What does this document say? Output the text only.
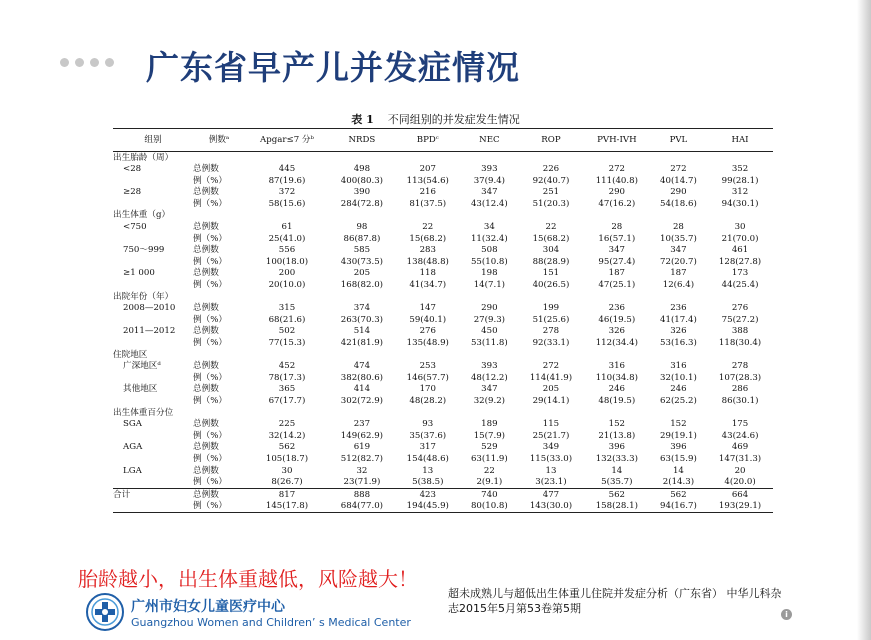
广东省早产儿并发症情况
表 1 不同组别的并发症发生情况
组别	例数ᵃ	Apgar≤7 分ᵇ	NRDS	BPDᶜ	NEC	ROP	PVH-IVH	PVL	HAI
出生胎龄（周）									
<28	总例数	445	498	207	393	226	272	272	352
	例（%）	87(19.6)	400(80.3)	113(54.6)	37(9.4)	92(40.7)	111(40.8)	40(14.7)	99(28.1)
≥28	总例数	372	390	216	347	251	290	290	312
	例（%）	58(15.6)	284(72.8)	81(37.5)	43(12.4)	51(20.3)	47(16.2)	54(18.6)	94(30.1)
出生体重（g）									
<750	总例数	61	98	22	34	22	28	28	30
	例（%）	25(41.0)	86(87.8)	15(68.2)	11(32.4)	15(68.2)	16(57.1)	10(35.7)	21(70.0)
750～999	总例数	556	585	283	508	304	347	347	461
	例（%）	100(18.0)	430(73.5)	138(48.8)	55(10.8)	88(28.9)	95(27.4)	72(20.7)	128(27.8)
≥1 000	总例数	200	205	118	198	151	187	187	173
	例（%）	20(10.0)	168(82.0)	41(34.7)	14(7.1)	40(26.5)	47(25.1)	12(6.4)	44(25.4)
出院年份（年）									
2008—2010	总例数	315	374	147	290	199	236	236	276
	例（%）	68(21.6)	263(70.3)	59(40.1)	27(9.3)	51(25.6)	46(19.5)	41(17.4)	75(27.2)
2011—2012	总例数	502	514	276	450	278	326	326	388
	例（%）	77(15.3)	421(81.9)	135(48.9)	53(11.8)	92(33.1)	112(34.4)	53(16.3)	118(30.4)
住院地区									
广深地区ᵈ	总例数	452	474	253	393	272	316	316	278
	例（%）	78(17.3)	382(80.6)	146(57.7)	48(12.2)	114(41.9)	110(34.8)	32(10.1)	107(28.3)
其他地区	总例数	365	414	170	347	205	246	246	286
	例（%）	67(17.7)	302(72.9)	48(28.2)	32(9.2)	29(14.1)	48(19.5)	62(25.2)	86(30.1)
出生体重百分位									
SGA	总例数	225	237	93	189	115	152	152	175
	例（%）	32(14.2)	149(62.9)	35(37.6)	15(7.9)	25(21.7)	21(13.8)	29(19.1)	43(24.6)
AGA	总例数	562	619	317	529	349	396	396	469
	例（%）	105(18.7)	512(82.7)	154(48.6)	63(11.9)	115(33.0)	132(33.3)	63(15.9)	147(31.3)
LGA	总例数	30	32	13	22	13	14	14	20
	例（%）	8(26.7)	23(71.9)	5(38.5)	2(9.1)	3(23.1)	5(35.7)	2(14.3)	4(20.0)
合计	总例数	817	888	423	740	477	562	562	664
	例（%）	145(17.8)	684(77.0)	194(45.9)	80(10.8)	143(30.0)	158(28.1)	94(16.7)	193(29.1)
胎龄越小，出生体重越低，风险越大！
超未成熟儿与超低出生体重儿住院并发症分析（广东省） 中华儿科杂志2015年5月第53卷第5期
广州市妇女儿童医疗中心
Guangzhou Women and Children’ s Medical Center
i
